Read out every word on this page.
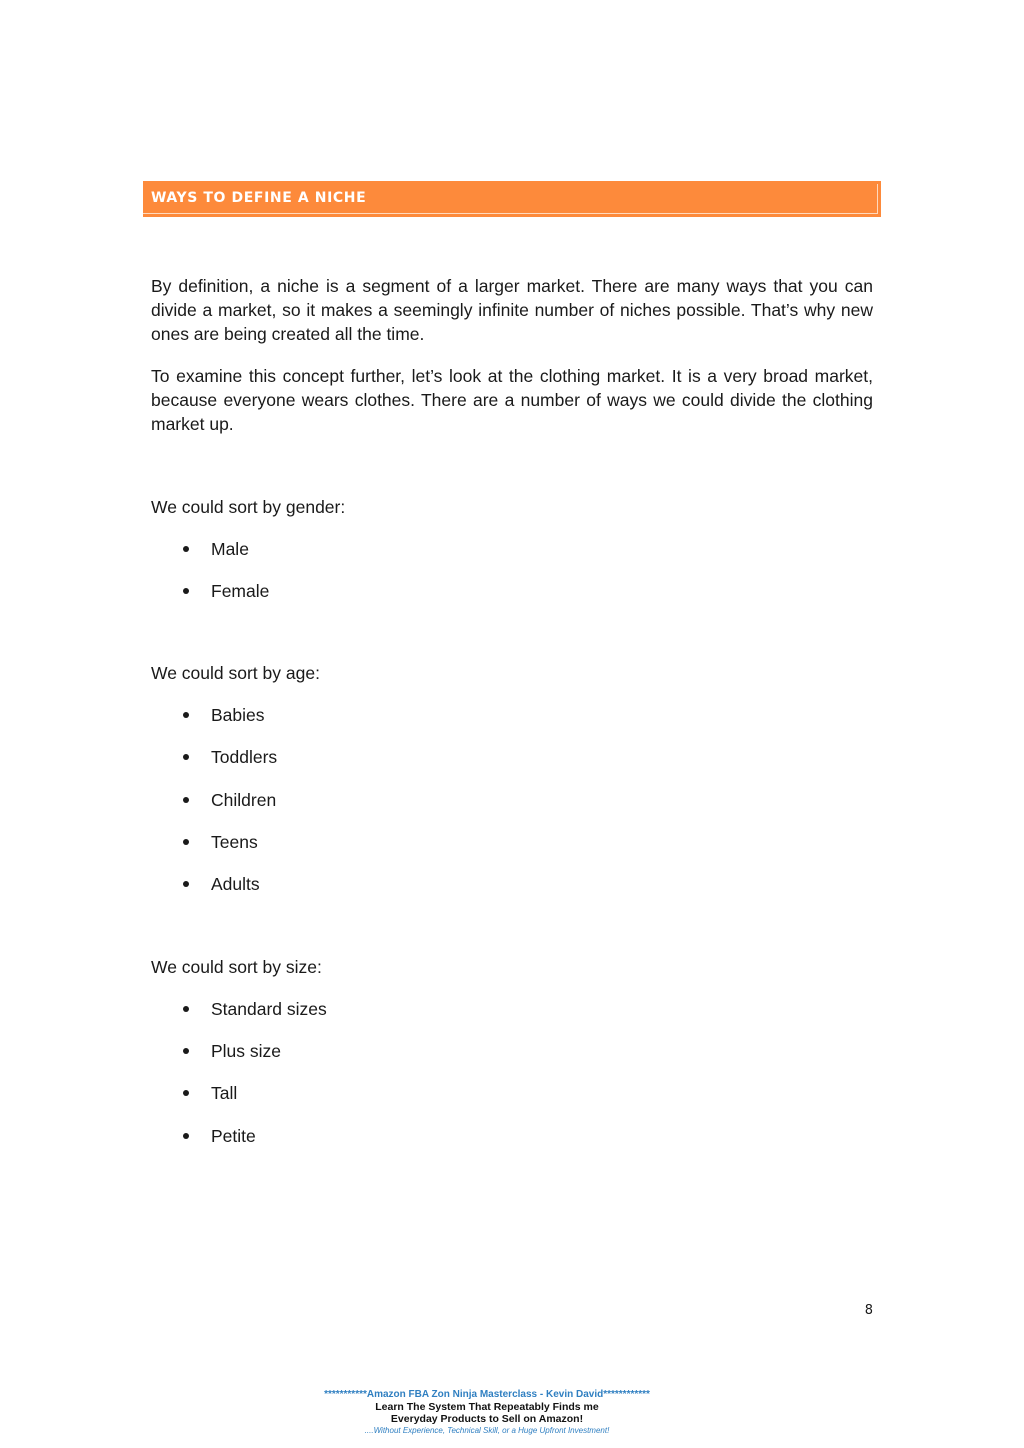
WAYS TO DEFINE A NICHE

By definition, a niche is a segment of a larger market. There are many ways that you can divide a market, so it makes a seemingly infinite number of niches possible. That’s why new ones are being created all the time.

To examine this concept further, let’s look at the clothing market. It is a very broad market, because everyone wears clothes. There are a number of ways we could divide the clothing market up.

We could sort by gender:

Male
Female

We could sort by age:

Babies
Toddlers
Children
Teens
Adults

We could sort by size:

Standard sizes
Plus size
Tall
Petite
8
***********Amazon FBA Zon Ninja Masterclass - Kevin David************
Learn The System That Repeatably Finds me
Everyday Products to Sell on Amazon!
....Without Experience, Technical Skill, or a Huge Upfront Investment!
